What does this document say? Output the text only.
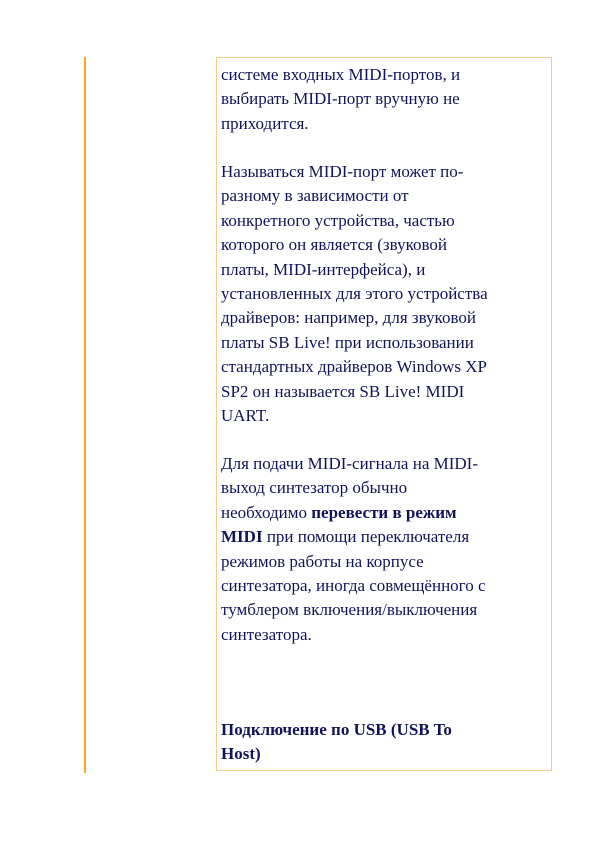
системе входных MIDI-портов, и
выбирать MIDI-порт вручную не
приходится.

Называться MIDI-порт может по-
разному в зависимости от
конкретного устройства, частью
которого он является (звуковой
платы, MIDI-интерфейса), и
установленных для этого устройства
драйверов: например, для звуковой
платы SB Live! при использовании
стандартных драйверов Windows XP
SP2 он называется SB Live! MIDI
UART.

Для подачи MIDI-сигнала на MIDI-
выход синтезатор обычно
необходимо перевести в режим
MIDI при помощи переключателя
режимов работы на корпусе
синтезатора, иногда совмещённого с
тумблером включения/выключения
синтезатора.

Подключение по USB (USB To
Host)
